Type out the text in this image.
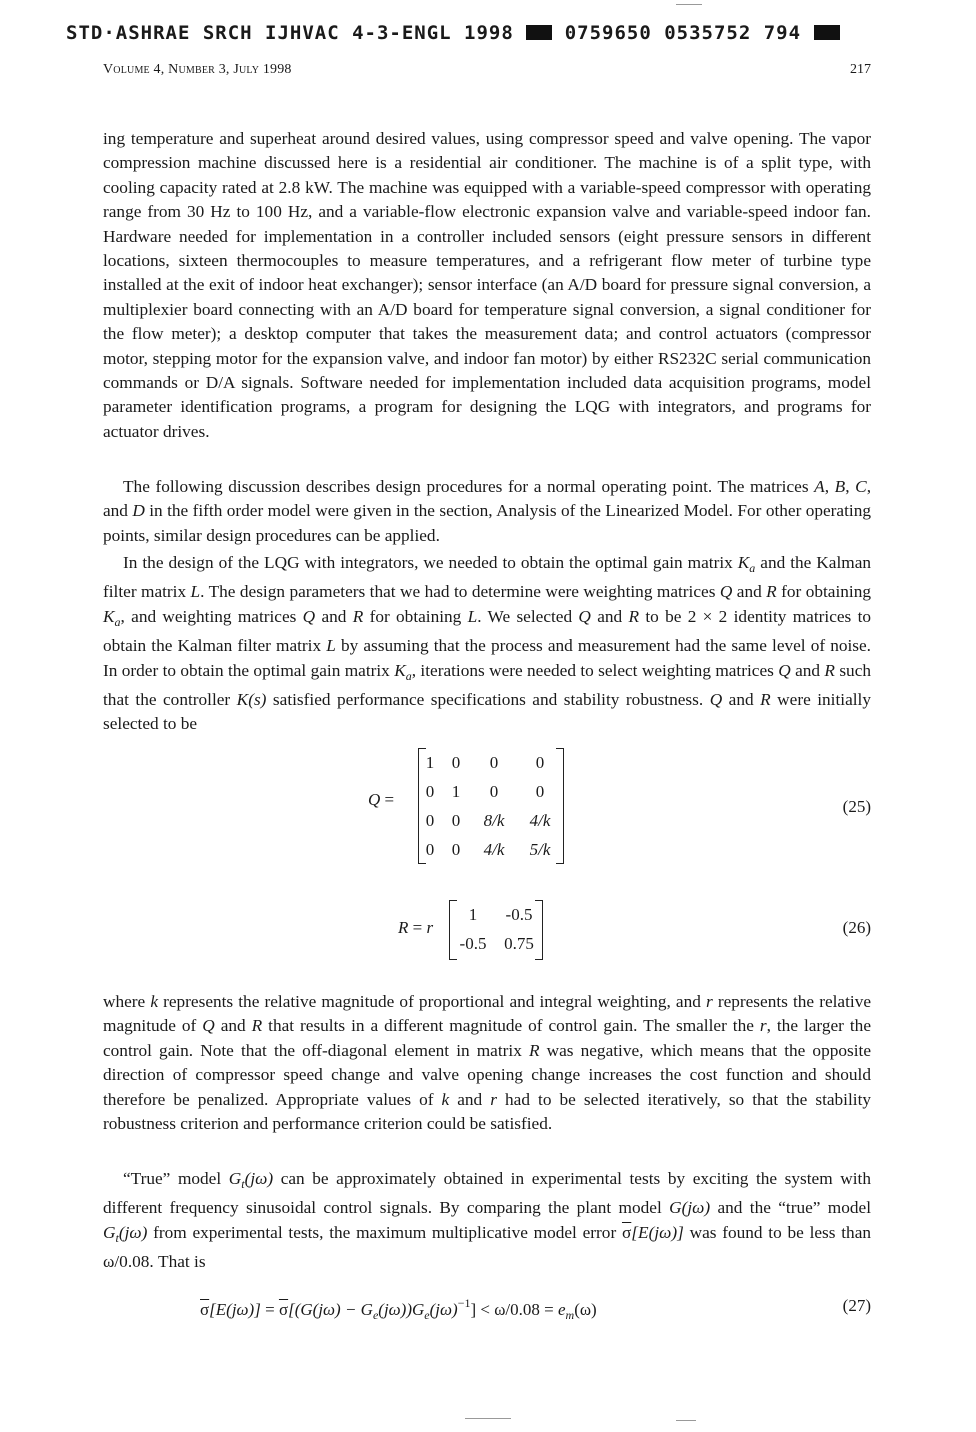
STD·ASHRAE SRCH IJHVAC 4-3-ENGL 1998	0759650 0535752 794
Volume 4, Number 3, July 1998	217

ing temperature and superheat around desired values, using compressor speed and valve opening. The vapor compression machine discussed here is a residential air conditioner. The machine is of a split type, with cooling capacity rated at 2.8 kW. The machine was equipped with a variable-speed compressor with operating range from 30 Hz to 100 Hz, and a variable-flow electronic expansion valve and variable-speed indoor fan. Hardware needed for implementation in a controller included sensors (eight pressure sensors in different locations, sixteen thermocouples to measure temperatures, and a refrigerant flow meter of turbine type installed at the exit of indoor heat exchanger); sensor interface (an A/D board for pressure signal conversion, a multiplexier board connecting with an A/D board for temperature signal conversion, a signal conditioner for the flow meter); a desktop computer that takes the measurement data; and control actuators (compressor motor, stepping motor for the expansion valve, and indoor fan motor) by either RS232C serial communication commands or D/A signals. Software needed for implementation included data acquisition programs, model parameter identification programs, a program for designing the LQG with integrators, and programs for actuator drives.

The following discussion describes design procedures for a normal operating point. The matrices A, B, C, and D in the fifth order model were given in the section, Analysis of the Linearized Model. For other operating points, similar design procedures can be applied.

In the design of the LQG with integrators, we needed to obtain the optimal gain matrix $K_a$ and the Kalman filter matrix L. The design parameters that we had to determine were weighting matrices Q and R for obtaining $K_a$, and weighting matrices Q and R for obtaining L. We selected Q and R to be 2 × 2 identity matrices to obtain the Kalman filter matrix L by assuming that the process and measurement had the same level of noise. In order to obtain the optimal gain matrix $K_a$, iterations were needed to select weighting matrices Q and R such that the controller K(s) satisfied performance specifications and stability robustness. Q and R were initially selected to be

Q =
1	0	0	0
0	1	0	0
0	0	8/k	4/k
0	0	4/k	5/k
(25)
R = r
1	-0.5
-0.5	0.75
(26)

where k represents the relative magnitude of proportional and integral weighting, and r represents the relative magnitude of Q and R that results in a different magnitude of control gain. The smaller the r, the larger the control gain. Note that the off-diagonal element in matrix R was negative, which means that the opposite direction of compressor speed change and valve opening change increases the cost function and should therefore be penalized. Appropriate values of k and r had to be selected iteratively, so that the stability robustness criterion and performance criterion could be satisfied.

“True” model $G_t(j\omega)$ can be approximately obtained in experimental tests by exciting the system with different frequency sinusoidal control signals. By comparing the plant model G(jω) and the “true” model $G_t(j\omega)$ from experimental tests, the maximum multiplicative model error $\overline{\sigma}[E(j\omega)]$ was found to be less than ω/0.08. That is

$\overline{\sigma}[E(j\omega)] = \overline{\sigma}[(G(j\omega) - G_e(j\omega))G_e(j\omega)^{-1}] < \omega/0.08 = e_m(\omega)$	(27)
